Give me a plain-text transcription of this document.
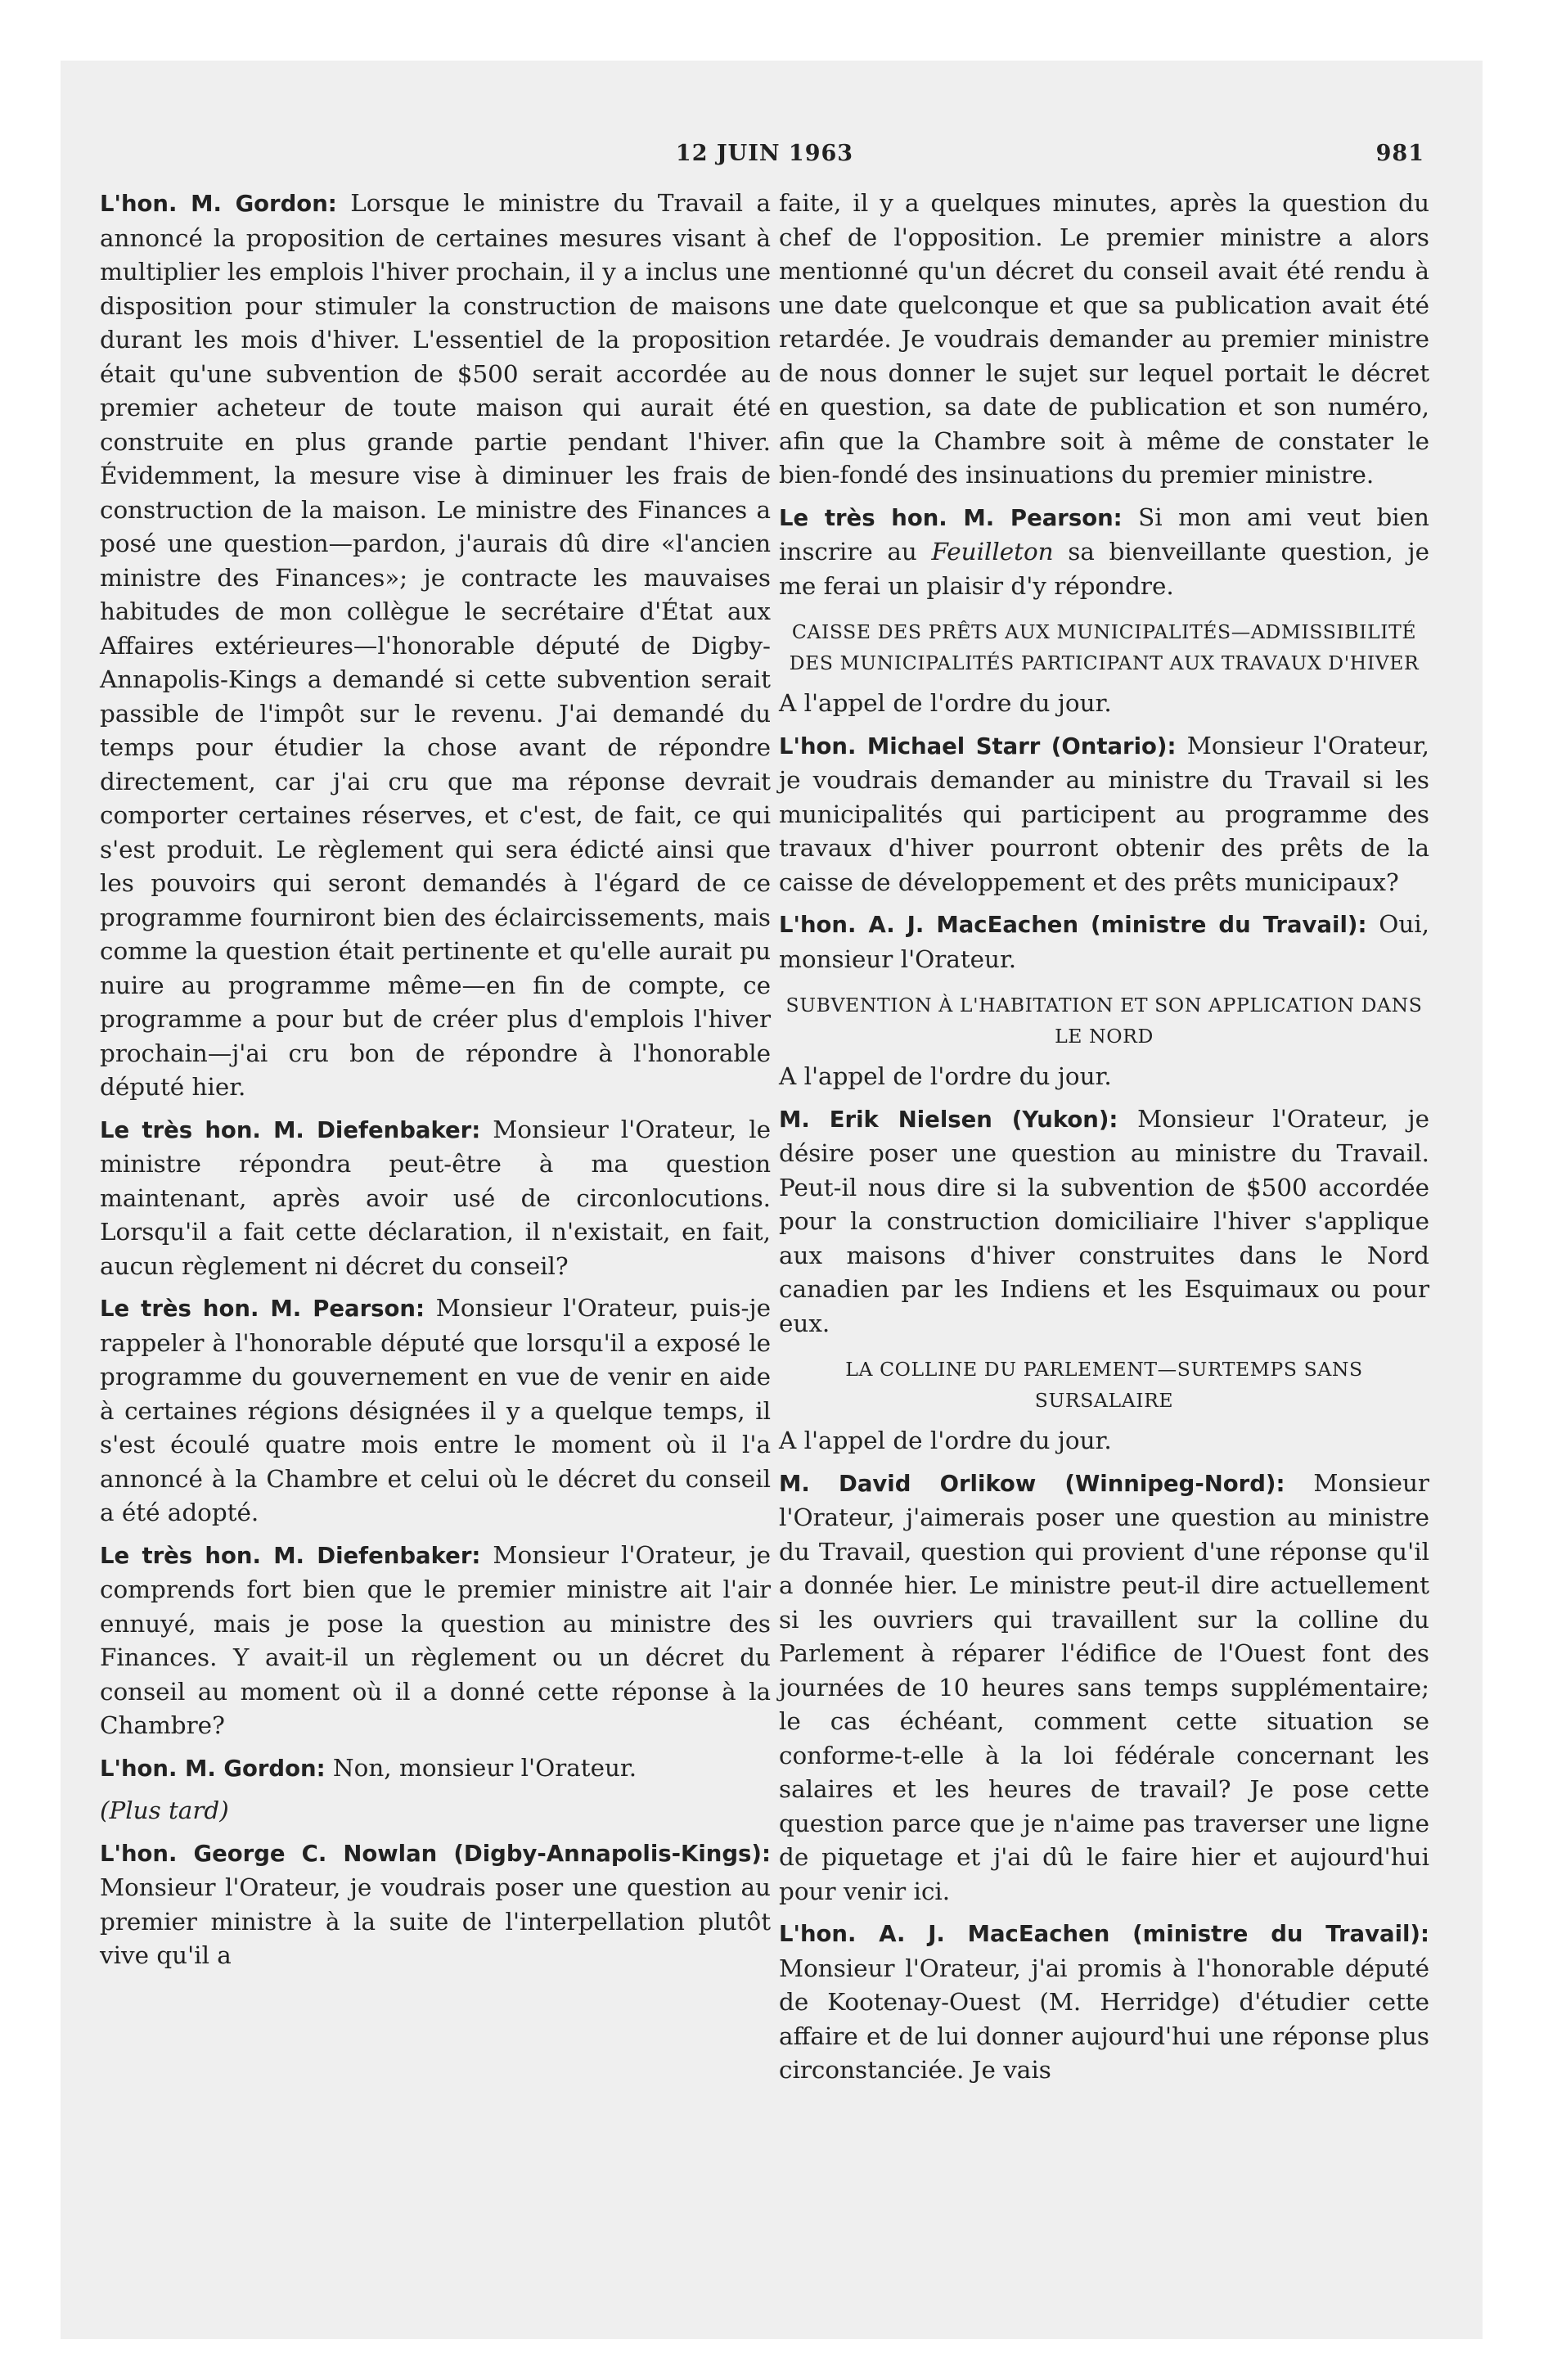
12 JUIN 1963	981

L'hon. M. Gordon: Lorsque le ministre du Travail a annoncé la proposition de certaines mesures visant à multiplier les emplois l'hiver prochain, il y a inclus une disposition pour stimuler la construction de maisons durant les mois d'hiver. L'essentiel de la proposition était qu'une subvention de $500 serait accordée au premier acheteur de toute maison qui aurait été construite en plus grande partie pendant l'hiver. Évidemment, la mesure vise à diminuer les frais de construction de la maison. Le ministre des Finances a posé une question—pardon, j'aurais dû dire «l'ancien ministre des Finances»; je contracte les mauvaises habitudes de mon collègue le secrétaire d'État aux Affaires extérieures—l'honorable député de Digby-Annapolis-Kings a demandé si cette subvention serait passible de l'impôt sur le revenu. J'ai demandé du temps pour étudier la chose avant de répondre directement, car j'ai cru que ma réponse devrait comporter certaines réserves, et c'est, de fait, ce qui s'est produit. Le règlement qui sera édicté ainsi que les pouvoirs qui seront demandés à l'égard de ce programme fourniront bien des éclaircissements, mais comme la question était pertinente et qu'elle aurait pu nuire au programme même—en fin de compte, ce programme a pour but de créer plus d'emplois l'hiver prochain—j'ai cru bon de répondre à l'honorable député hier.

Le très hon. M. Diefenbaker: Monsieur l'Orateur, le ministre répondra peut-être à ma question maintenant, après avoir usé de circonlocutions. Lorsqu'il a fait cette déclaration, il n'existait, en fait, aucun règlement ni décret du conseil?

Le très hon. M. Pearson: Monsieur l'Orateur, puis-je rappeler à l'honorable député que lorsqu'il a exposé le programme du gouvernement en vue de venir en aide à certaines régions désignées il y a quelque temps, il s'est écoulé quatre mois entre le moment où il l'a annoncé à la Chambre et celui où le décret du conseil a été adopté.

Le très hon. M. Diefenbaker: Monsieur l'Orateur, je comprends fort bien que le premier ministre ait l'air ennuyé, mais je pose la question au ministre des Finances. Y avait-il un règlement ou un décret du conseil au moment où il a donné cette réponse à la Chambre?

L'hon. M. Gordon: Non, monsieur l'Orateur.

(Plus tard)

L'hon. George C. Nowlan (Digby-Annapolis-Kings): Monsieur l'Orateur, je voudrais poser une question au premier ministre à la suite de l'interpellation plutôt vive qu'il a

faite, il y a quelques minutes, après la question du chef de l'opposition. Le premier ministre a alors mentionné qu'un décret du conseil avait été rendu à une date quelconque et que sa publication avait été retardée. Je voudrais demander au premier ministre de nous donner le sujet sur lequel portait le décret en question, sa date de publication et son numéro, afin que la Chambre soit à même de constater le bien-fondé des insinuations du premier ministre.

Le très hon. M. Pearson: Si mon ami veut bien inscrire au Feuilleton sa bienveillante question, je me ferai un plaisir d'y répondre.

CAISSE DES PRÊTS AUX MUNICIPALITÉS—ADMISSIBILITÉ DES MUNICIPALITÉS PARTICIPANT AUX TRAVAUX D'HIVER

A l'appel de l'ordre du jour.

L'hon. Michael Starr (Ontario): Monsieur l'Orateur, je voudrais demander au ministre du Travail si les municipalités qui participent au programme des travaux d'hiver pourront obtenir des prêts de la caisse de développement et des prêts municipaux?

L'hon. A. J. MacEachen (ministre du Travail): Oui, monsieur l'Orateur.

SUBVENTION À L'HABITATION ET SON APPLICATION DANS LE NORD

A l'appel de l'ordre du jour.

M. Erik Nielsen (Yukon): Monsieur l'Orateur, je désire poser une question au ministre du Travail. Peut-il nous dire si la subvention de $500 accordée pour la construction domiciliaire l'hiver s'applique aux maisons d'hiver construites dans le Nord canadien par les Indiens et les Esquimaux ou pour eux.

LA COLLINE DU PARLEMENT—SURTEMPS SANS SURSALAIRE

A l'appel de l'ordre du jour.

M. David Orlikow (Winnipeg-Nord): Monsieur l'Orateur, j'aimerais poser une question au ministre du Travail, question qui provient d'une réponse qu'il a donnée hier. Le ministre peut-il dire actuellement si les ouvriers qui travaillent sur la colline du Parlement à réparer l'édifice de l'Ouest font des journées de 10 heures sans temps supplémentaire; le cas échéant, comment cette situation se conforme-t-elle à la loi fédérale concernant les salaires et les heures de travail? Je pose cette question parce que je n'aime pas traverser une ligne de piquetage et j'ai dû le faire hier et aujourd'hui pour venir ici.

L'hon. A. J. MacEachen (ministre du Travail): Monsieur l'Orateur, j'ai promis à l'honorable député de Kootenay-Ouest (M. Herridge) d'étudier cette affaire et de lui donner aujourd'hui une réponse plus circonstanciée. Je vais
